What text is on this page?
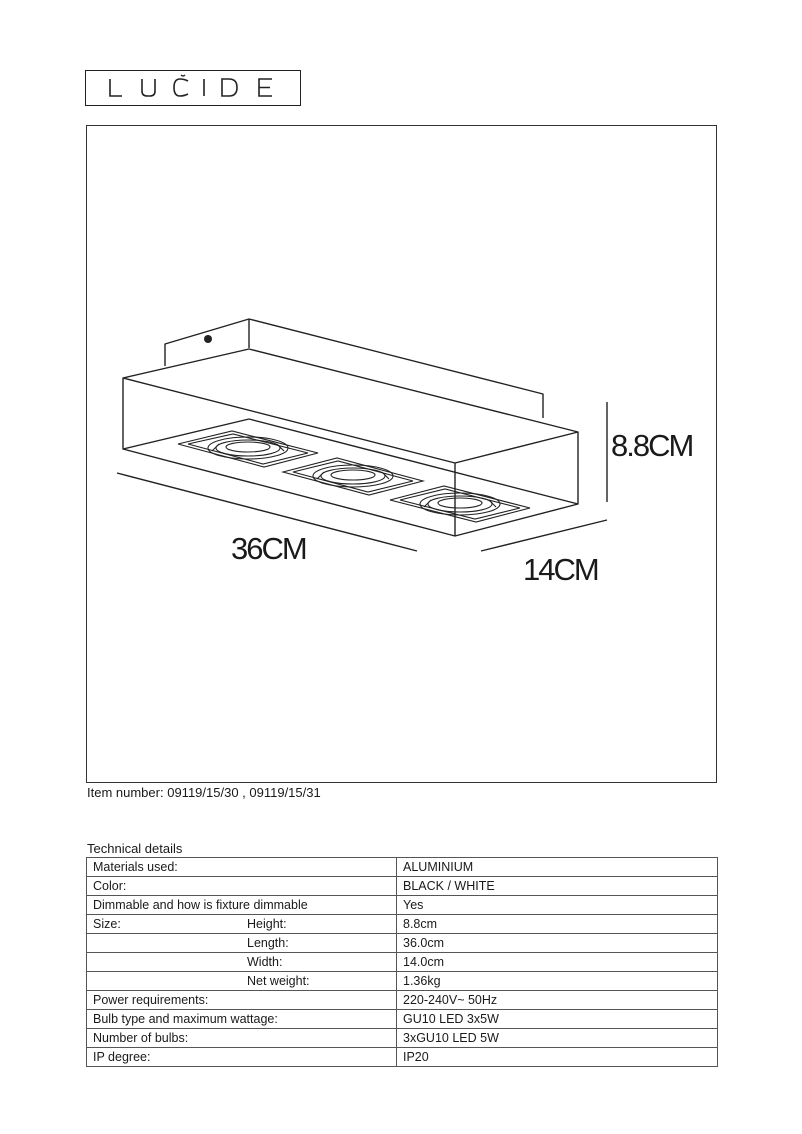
8.8CM
36CM
14CM
Item number: 09119/15/30 , 09119/15/31
Technical details
Materials used:	ALUMINIUM

Color:	BLACK / WHITE

Dimmable and how is fixture dimmable	Yes

Size: Height:	8.8cm

Length:	36.0cm

Width:	14.0cm

Net weight:	1.36kg

Power requirements:	220-240V~ 50Hz

Bulb type and maximum wattage:	GU10 LED 3x5W

Number of bulbs:	3xGU10 LED 5W

IP degree:	IP20
